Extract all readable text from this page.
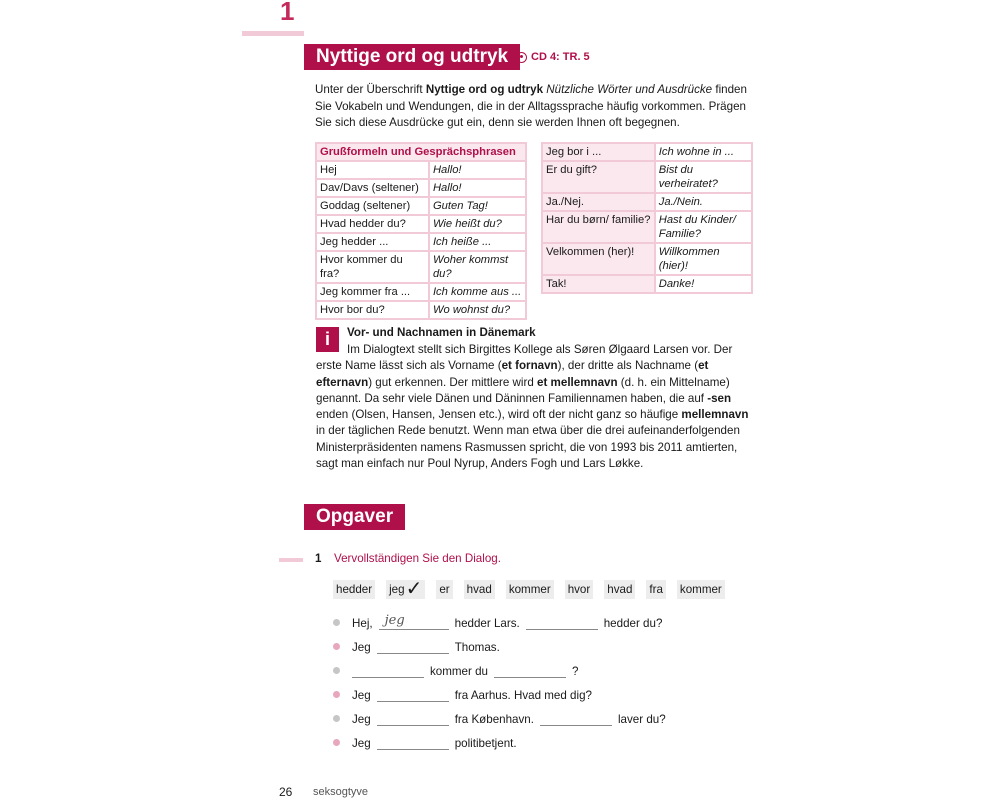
1
Nyttige ord og udtryk	CD 4: TR. 5
Unter der Überschrift Nyttige ord og udtryk Nützliche Wörter und Ausdrücke finden Sie Vokabeln und Wendungen, die in der Alltagssprache häufig vorkommen. Prägen Sie sich diese Ausdrücke gut ein, denn sie werden Ihnen oft begegnen.
Grußformeln und Gesprächsphrasen	
Hej	Hallo!
Dav/Davs (seltener)	Hallo!
Goddag (seltener)	Guten Tag!
Hvad hedder du?	Wie heißt du?
Jeg hedder ...	Ich heiße ...
Hvor kommer du fra?	Woher kommst du?
Jeg kommer fra ...	Ich komme aus ...
Hvor bor du?	Wo wohnst du?
Jeg bor i ...	Ich wohne in ...
Er du gift?	Bist du verheiratet?
Ja./Nej.	Ja./Nein.
Har du børn/ familie?	Hast du Kinder/ Familie?
Velkommen (her)!	Willkommen (hier)!
Tak!	Danke!
i	Vor- und Nachnamen in Dänemark
Im Dialogtext stellt sich Birgittes Kollege als Søren Ølgaard Larsen vor. Der erste Name lässt sich als Vorname (et fornavn), der dritte als Nachname (et efternavn) gut erkennen. Der mittlere wird et mellemnavn (d. h. ein Mittelname) genannt. Da sehr viele Dänen und Däninnen Familiennamen haben, die auf -sen enden (Olsen, Hansen, Jensen etc.), wird oft der nicht ganz so häufige mellemnavn in der täglichen Rede benutzt. Wenn man etwa über die drei aufeinanderfolgenden Ministerpräsidenten namens Rasmussen spricht, die von 1993 bis 2011 amtierten, sagt man einfach nur Poul Nyrup, Anders Fogh und Lars Løkke.
Opgaver
1 Vervollständigen Sie den Dialog.
hedder jeg ✓ er hvad kommer hvor hvad fra kommer
Hej, jeg	hedder Lars.	hedder du?
Jeg	Thomas.
kommer du	?
Jeg	fra Aarhus. Hvad med dig?
Jeg	fra København.	laver du?
Jeg	politibetjent.
26 seksogtyve
